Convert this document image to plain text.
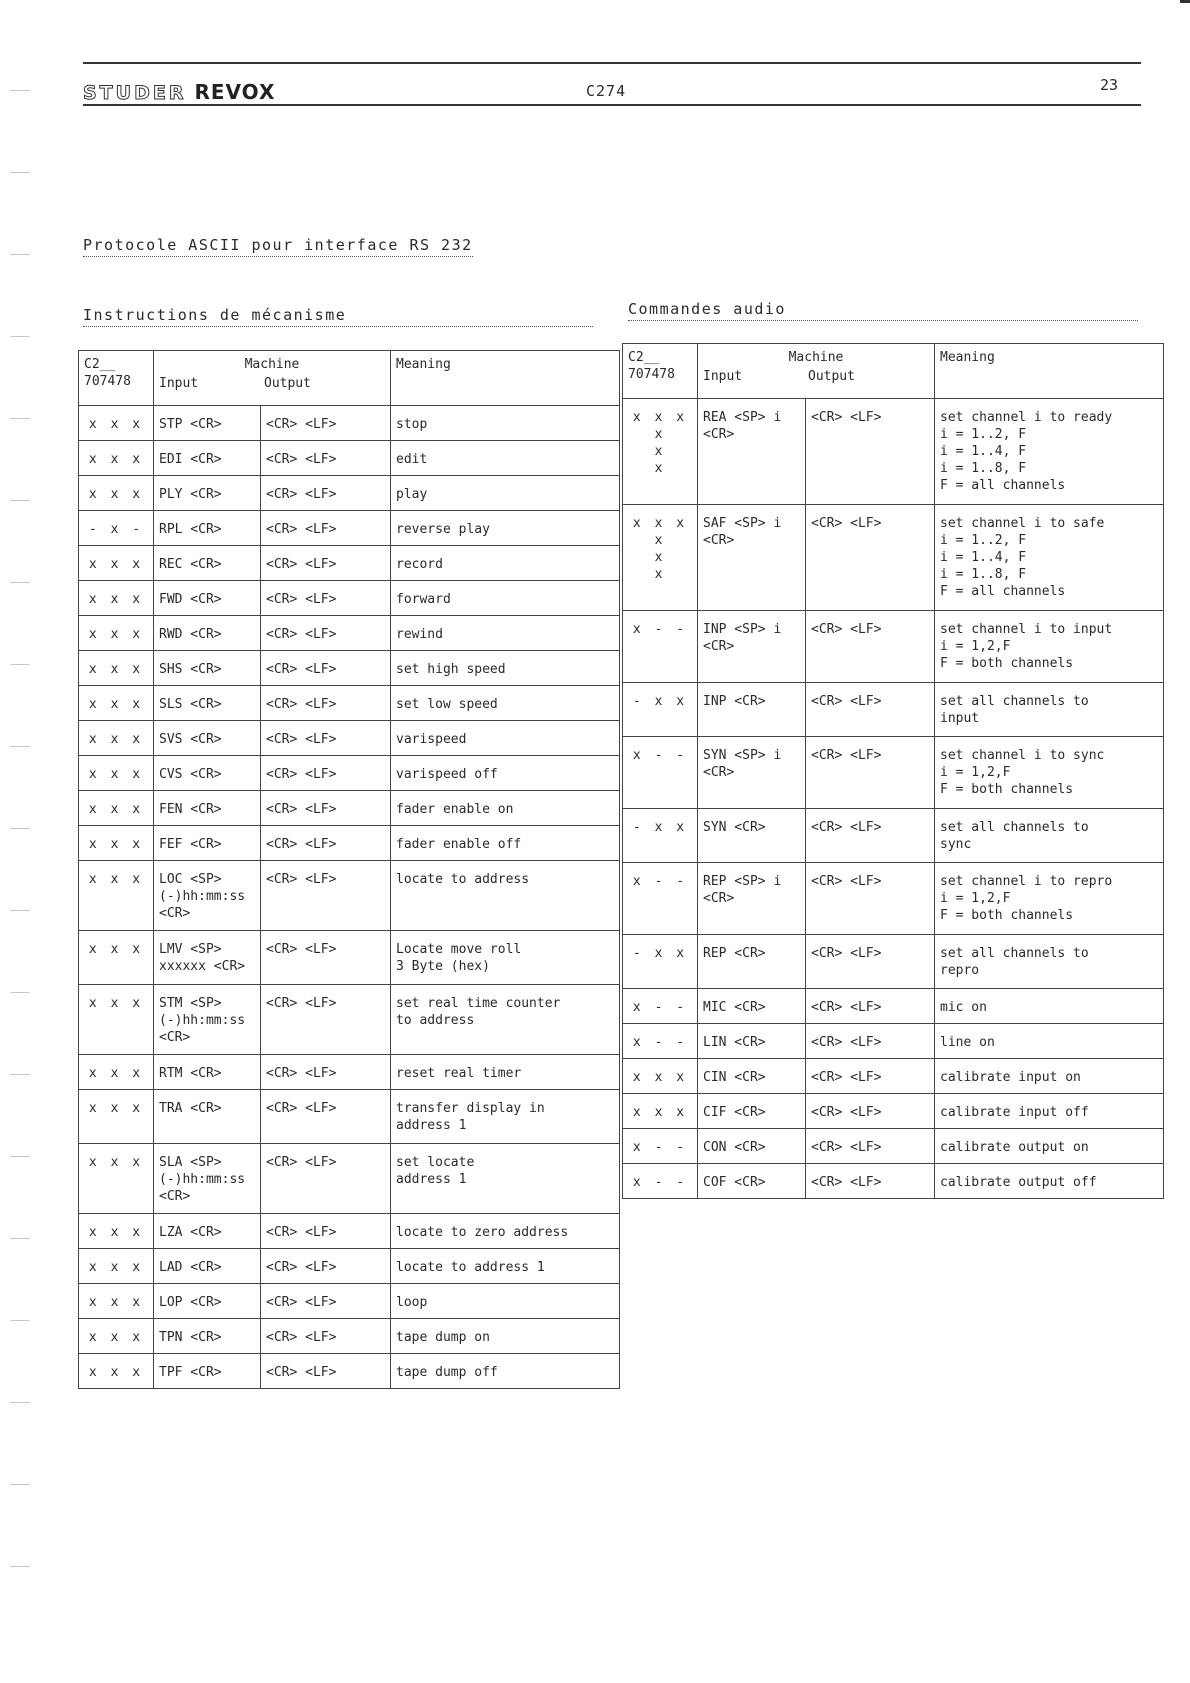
STUDER REVOX	C274	23
Protocole ASCII pour interface RS 232
Instructions de mécanisme	Commandes audio
C2__
707478	Machine
Input Output		Meaning
x x x	STP <CR>	<CR> <LF>	stop
x x x	EDI <CR>	<CR> <LF>	edit
x x x	PLY <CR>	<CR> <LF>	play
- x -	RPL <CR>	<CR> <LF>	reverse play
x x x	REC <CR>	<CR> <LF>	record
x x x	FWD <CR>	<CR> <LF>	forward
x x x	RWD <CR>	<CR> <LF>	rewind
x x x	SHS <CR>	<CR> <LF>	set high speed
x x x	SLS <CR>	<CR> <LF>	set low speed
x x x	SVS <CR>	<CR> <LF>	varispeed
x x x	CVS <CR>	<CR> <LF>	varispeed off
x x x	FEN <CR>	<CR> <LF>	fader enable on
x x x	FEF <CR>	<CR> <LF>	fader enable off
x x x	LOC <SP>
(-)hh:mm:ss
<CR>	<CR> <LF>	locate to address
x x x	LMV <SP>
xxxxxx <CR>	<CR> <LF>	Locate move roll
3 Byte (hex)
x x x	STM <SP>
(-)hh:mm:ss
<CR>	<CR> <LF>	set real time counter
to address
x x x	RTM <CR>	<CR> <LF>	reset real timer
x x x	TRA <CR>	<CR> <LF>	transfer display in
address 1
x x x	SLA <SP>
(-)hh:mm:ss
<CR>	<CR> <LF>	set locate
address 1
x x x	LZA <CR>	<CR> <LF>	locate to zero address
x x x	LAD <CR>	<CR> <LF>	locate to address 1
x x x	LOP <CR>	<CR> <LF>	loop
x x x	TPN <CR>	<CR> <LF>	tape dump on
x x x	TPF <CR>	<CR> <LF>	tape dump off
C2__
707478	Machine
Input Output		Meaning
x x x
x
x
x	REA <SP> i
<CR>	<CR> <LF>	set channel i to ready
i = 1..2, F
i = 1..4, F
i = 1..8, F
F = all channels
x x x
x
x
x	SAF <SP> i
<CR>	<CR> <LF>	set channel i to safe
i = 1..2, F
i = 1..4, F
i = 1..8, F
F = all channels
x - -	INP <SP> i
<CR>	<CR> <LF>	set channel i to input
i = 1,2,F
F = both channels
- x x	INP <CR>	<CR> <LF>	set all channels to
input
x - -	SYN <SP> i
<CR>	<CR> <LF>	set channel i to sync
i = 1,2,F
F = both channels
- x x	SYN <CR>	<CR> <LF>	set all channels to
sync
x - -	REP <SP> i
<CR>	<CR> <LF>	set channel i to repro
i = 1,2,F
F = both channels
- x x	REP <CR>	<CR> <LF>	set all channels to
repro
x - -	MIC <CR>	<CR> <LF>	mic on
x - -	LIN <CR>	<CR> <LF>	line on
x x x	CIN <CR>	<CR> <LF>	calibrate input on
x x x	CIF <CR>	<CR> <LF>	calibrate input off
x - -	CON <CR>	<CR> <LF>	calibrate output on
x - -	COF <CR>	<CR> <LF>	calibrate output off
